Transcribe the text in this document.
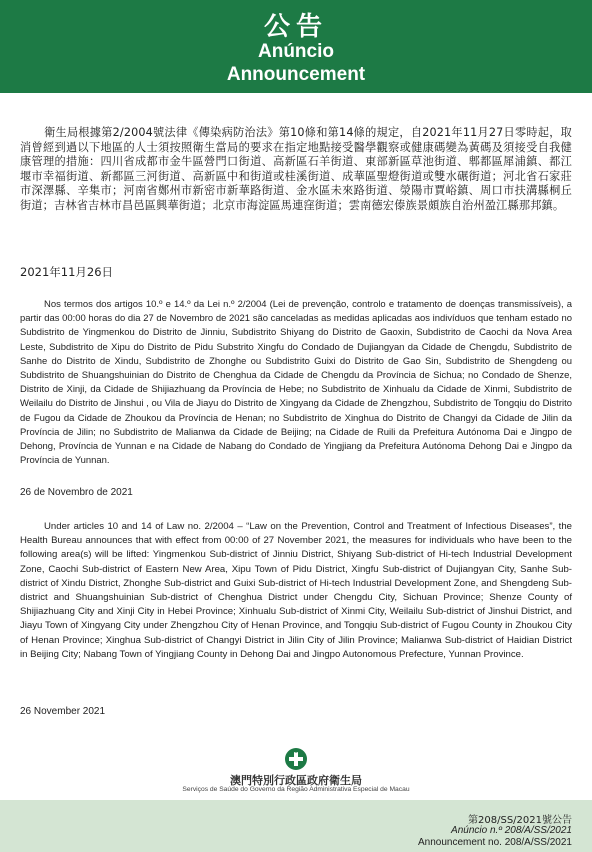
公告
Anúncio
Announcement

衛生局根據第2/2004號法律《傳染病防治法》第10條和第14條的規定，自2021年11月27日零時起，取消曾經到過以下地區的人士須按照衛生當局的要求在指定地點接受醫學觀察或健康碼變為黃碼及須接受自我健康管理的措施：四川省成都市金牛區營門口街道、高新區石羊街道、東部新區草池街道、郫都區犀浦鎮、都江堰市幸福街道、新都區三河街道、高新區中和街道或桂溪街道、成華區聖燈街道或雙水碾街道；河北省石家莊市深澤縣、辛集市；河南省鄭州市新密市新華路街道、金水區未來路街道、滎陽市賈峪鎮、周口市扶溝縣桐丘街道；吉林省吉林市昌邑區興華街道；北京市海淀區馬連窪街道；雲南德宏傣族景頗族自治州盈江縣那邦鎮。

2021年11月26日

Nos termos dos artigos 10.º e 14.º da Lei n.º 2/2004 (Lei de prevenção, controlo e tratamento de doenças transmissíveis), a partir das 00:00 horas do dia 27 de Novembro de 2021 são canceladas as medidas aplicadas aos indivíduos que tenham estado no Subdistrito de Yingmenkou do Distrito de Jinniu, Subdistrito Shiyang do Distrito de Gaoxin, Subdistrito de Caochi da Nova Area Leste, Subdistrito de Xipu do Distrito de Pidu Substrito Xingfu do Condado de Dujiangyan da Cidade de Chengdu, Subdistrito de Sanhe do Distrito de Xindu, Subdistrito de Zhonghe ou Subdistrito Guixi do Distrito de Gao Sin, Subdistrito de Shengdeng ou Subdistrito de Shuangshuinian do Distrito de Chenghua da Cidade de Chengdu da Província de Sichua; no Condado de Shenze, Distrito de Xinji, da Cidade de Shijiazhuang da Província de Hebe; no Subdistrito de Xinhualu da Cidade de Xinmi, Subdistrito de Weilailu do Distrito de Jinshui , ou Vila de Jiayu do Distrito de Xingyang da Cidade de Zhengzhou, Subdistrito de Tongqiu do Distrito de Fugou da Cidade de Zhoukou da Província de Henan; no Subdistrito de Xinghua do Distrito de Changyi da Cidade de Jilin da Província de Jilin; no Subdistrito de Malianwa da Cidade de Beijing; na Cidade de Ruili da Prefeitura Autónoma Dai e Jingpo de Dehong, Província de Yunnan e na Cidade de Nabang do Condado de Yingjiang da Prefeitura Autónoma Dehong Dai e Jingpo da Província de Yunnan.

26 de Novembro de 2021

Under articles 10 and 14 of Law no. 2/2004 – “Law on the Prevention, Control and Treatment of Infectious Diseases”, the Health Bureau announces that with effect from 00:00 of 27 November 2021, the measures for individuals who have been to the following area(s) will be lifted: Yingmenkou Sub-district of Jinniu District, Shiyang Sub-district of Hi-tech Industrial Development Zone, Caochi Sub-district of Eastern New Area, Xipu Town of Pidu District, Xingfu Sub-district of Dujiangyan City, Sanhe Sub-district of Xindu District, Zhonghe Sub-district and Guixi Sub-district of Hi-tech Industrial Development Zone, and Shengdeng Sub-district and Shuangshuinian Sub-district of Chenghua District under Chengdu City, Sichuan Province; Shenze County of Shijiazhuang City and Xinji City in Hebei Province; Xinhualu Sub-district of Xinmi City, Weilailu Sub-district of Jinshui District, and Jiayu Town of Xingyang City under Zhengzhou City of Henan Province, and Tongqiu Sub-district of Fugou County in Zhoukou City of Henan Province; Xinghua Sub-district of Changyi District in Jilin City of Jilin Province; Malianwa Sub-district of Haidian District in Beijing City; Nabang Town of Yingjiang County in Dehong Dai and Jingpo Autonomous Prefecture, Yunnan Province.

26 November 2021
澳門特別行政區政府衛生局
Serviços de Saúde do Governo da Região Administrativa Especial de Macau
第208/SS/2021號公告
Anúncio n.º 208/A/SS/2021
Announcement no. 208/A/SS/2021
